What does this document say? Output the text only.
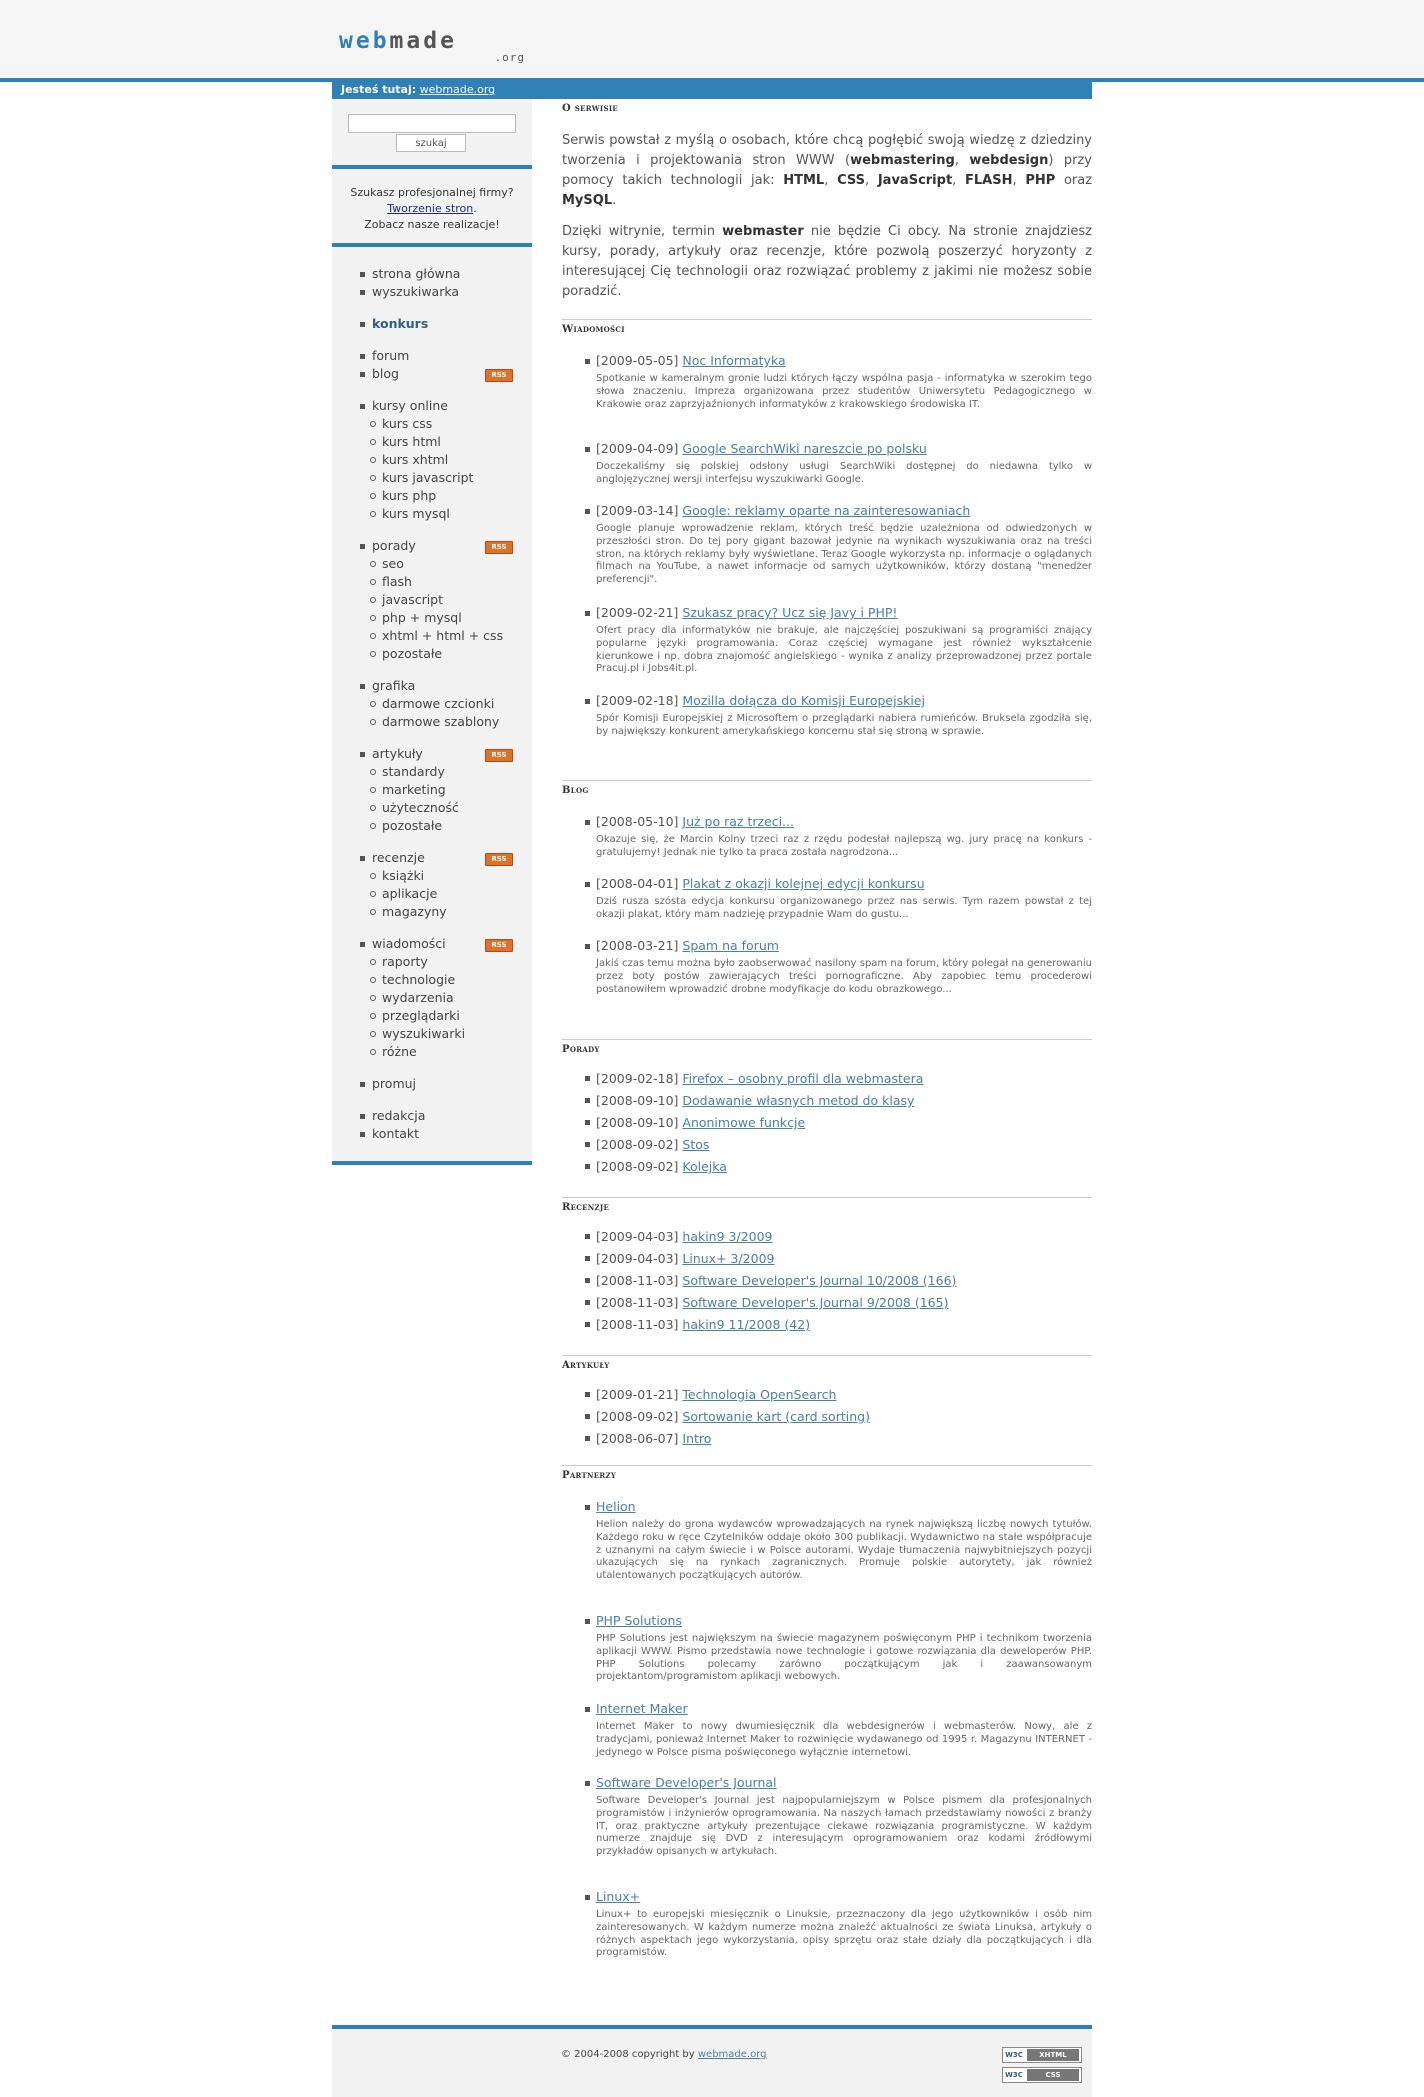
webmade
.org
Jesteś tutaj: webmade.org
szukaj
Szukasz profesjonalnej firmy?
Tworzenie stron.
Zobacz nasze realizacje!
strona główna
wyszukiwarka
konkurs
forum
blog	RSS
kursy online
kurs css
kurs html
kurs xhtml
kurs javascript
kurs php
kurs mysql
porady	RSS
seo
flash
javascript
php + mysql
xhtml + html + css
pozostałe
grafika
darmowe czcionki
darmowe szablony
artykuły	RSS
standardy
marketing
użyteczność
pozostałe
recenzje	RSS
książki
aplikacje
magazyny
wiadomości	RSS
raporty
technologie
wydarzenia
przeglądarki
wyszukiwarki
różne
promuj
redakcja
kontakt
O serwisie

Serwis powstał z myślą o osobach, które chcą pogłębić swoją wiedzę z dziedziny tworzenia i projektowania stron WWW (webmastering, webdesign) przy pomocy takich technologii jak: HTML, CSS, JavaScript, FLASH, PHP oraz MySQL.

Dzięki witrynie, termin webmaster nie będzie Ci obcy. Na stronie znajdziesz kursy, porady, artykuły oraz recenzje, które pozwolą poszerzyć horyzonty z interesującej Cię technologii oraz rozwiązać problemy z jakimi nie możesz sobie poradzić.

Wiadomości
[2009-05-05] Noc Informatyka
Spotkanie w kameralnym gronie ludzi których łączy wspólna pasja - informatyka w szerokim tego słowa znaczeniu. Impreza organizowana przez studentów Uniwersytetu Pedagogicznego w Krakowie oraz zaprzyjaźnionych informatyków z krakowskiego środowiska IT.
[2009-04-09] Google SearchWiki nareszcie po polsku
Doczekaliśmy się polskiej odsłony usługi SearchWiki dostępnej do niedawna tylko w anglojęzycznej wersji interfejsu wyszukiwarki Google.
[2009-03-14] Google: reklamy oparte na zainteresowaniach
Google planuje wprowadzenie reklam, których treść będzie uzależniona od odwiedzonych w przeszłości stron. Do tej pory gigant bazował jedynie na wynikach wyszukiwania oraz na treści stron, na których reklamy były wyświetlane. Teraz Google wykorzysta np. informacje o oglądanych filmach na YouTube, a nawet informacje od samych użytkowników, którzy dostaną "menedżer preferencji".
[2009-02-21] Szukasz pracy? Ucz się Javy i PHP!
Ofert pracy dla informatyków nie brakuje, ale najczęściej poszukiwani są programiści znający popularne języki programowania. Coraz częściej wymagane jest również wykształcenie kierunkowe i np. dobra znajomość angielskiego - wynika z analizy przeprowadzonej przez portale Pracuj.pl i Jobs4it.pl.
[2009-02-18] Mozilla dołącza do Komisji Europejskiej
Spór Komisji Europejskiej z Microsoftem o przeglądarki nabiera rumieńców. Bruksela zgodziła się, by największy konkurent amerykańskiego koncernu stał się stroną w sprawie.
Blog
[2008-05-10] Już po raz trzeci...
Okazuje się, że Marcin Kolny trzeci raz z rzędu podesłał najlepszą wg. jury pracę na konkurs - gratulujemy! Jednak nie tylko ta praca została nagrodzona...
[2008-04-01] Plakat z okazji kolejnej edycji konkursu
Dziś rusza szósta edycja konkursu organizowanego przez nas serwis. Tym razem powstał z tej okazji plakat, który mam nadzieję przypadnie Wam do gustu...
[2008-03-21] Spam na forum
Jakiś czas temu można było zaobserwować nasilony spam na forum, który polegał na generowaniu przez boty postów zawierających treści pornograficzne. Aby zapobiec temu procederowi postanowiłem wprowadzić drobne modyfikacje do kodu obrazkowego...
Porady
[2009-02-18] Firefox – osobny profil dla webmastera
[2008-09-10] Dodawanie własnych metod do klasy
[2008-09-10] Anonimowe funkcje
[2008-09-02] Stos
[2008-09-02] Kolejka
Recenzje
[2009-04-03] hakin9 3/2009
[2009-04-03] Linux+ 3/2009
[2008-11-03] Software Developer's Journal 10/2008 (166)
[2008-11-03] Software Developer's Journal 9/2008 (165)
[2008-11-03] hakin9 11/2008 (42)
Artykuły
[2009-01-21] Technologia OpenSearch
[2008-09-02] Sortowanie kart (card sorting)
[2008-06-07] Intro
Partnerzy
Helion
Helion należy do grona wydawców wprowadzających na rynek największą liczbę nowych tytułów. Każdego roku w ręce Czytelników oddaje około 300 publikacji. Wydawnictwo na stałe współpracuje z uznanymi na całym świecie i w Polsce autorami. Wydaje tłumaczenia najwybitniejszych pozycji ukazujących się na rynkach zagranicznych. Promuje polskie autorytety, jak również utalentowanych początkujących autorów.
PHP Solutions
PHP Solutions jest największym na świecie magazynem poświęconym PHP i technikom tworzenia aplikacji WWW. Pismo przedstawia nowe technologie i gotowe rozwiązania dla deweloperów PHP. PHP Solutions polecamy zarówno początkującym jak i zaawansowanym projektantom/programistom aplikacji webowych.
Internet Maker
Internet Maker to nowy dwumiesięcznik dla webdesignerów i webmasterów. Nowy, ale z tradycjami, ponieważ Internet Maker to rozwinięcie wydawanego od 1995 r. Magazynu INTERNET - jedynego w Polsce pisma poświęconego wyłącznie internetowi.
Software Developer's Journal
Software Developer's Journal jest najpopularniejszym w Polsce pismem dla profesjonalnych programistów i inżynierów oprogramowania. Na naszych łamach przedstawiamy nowości z branży IT, oraz praktyczne artykuły prezentujące ciekawe rozwiązania programistyczne. W każdym numerze znajduje się DVD z interesującym oprogramowaniem oraz kodami źródłowymi przykładów opisanych w artykułach.
Linux+
Linux+ to europejski miesięcznik o Linuksie, przeznaczony dla jego użytkowników i osób nim zainteresowanych. W każdym numerze można znaleźć aktualności ze świata Linuksa, artykuły o różnych aspektach jego wykorzystania, opisy sprzętu oraz stałe działy dla początkujących i dla programistów.
© 2004-2008 copyright by webmade.org	W3C	XHTML
W3C	CSS
